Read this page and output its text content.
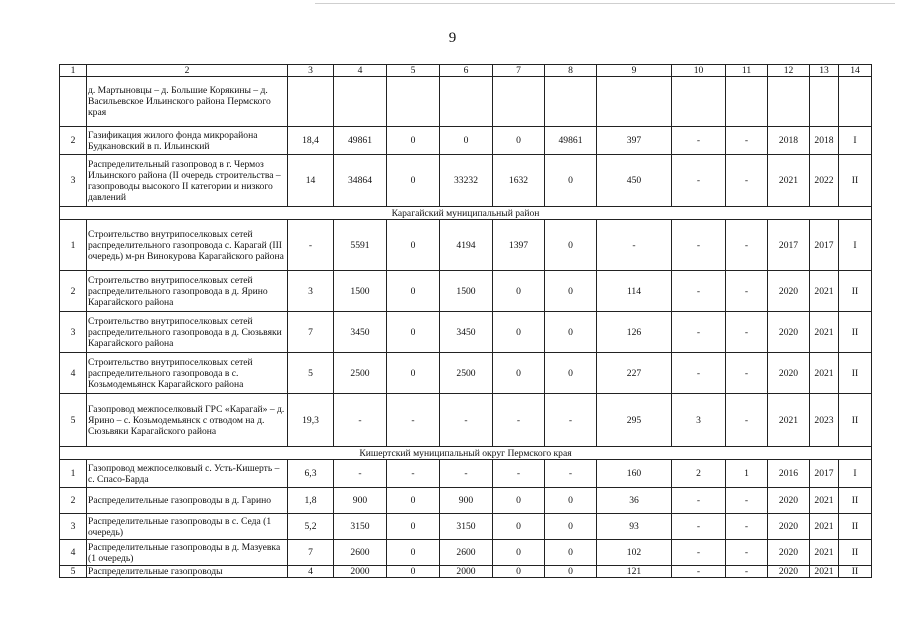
9
1	2	3	4	5	6	7	8	9	10	11	12	13	14
	д. Мартыновцы – д. Большие Корякины – д. Васильевское Ильинского района Пермского края												
2	Газификация жилого фонда микрорайона Будкановский в п. Ильинский	18,4	49861	0	0	0	49861	397	-	-	2018	2018	I
3	Распределительный газопровод в г. Чермоз Ильинского района (II очередь строительства – газопроводы высокого II категории и низкого давлений	14	34864	0	33232	1632	0	450	-	-	2021	2022	II
Карагайский муниципальный район													
1	Строительство внутрипоселковых сетей распределительного газопровода с. Карагай (III очередь) м-рн Винокурова Карагайского района	-	5591	0	4194	1397	0	-	-	-	2017	2017	I
2	Строительство внутрипоселковых сетей распределительного газопровода в д. Ярино Карагайского района	3	1500	0	1500	0	0	114	-	-	2020	2021	II
3	Строительство внутрипоселковых сетей распределительного газопровода в д. Сюзьвяки Карагайского района	7	3450	0	3450	0	0	126	-	-	2020	2021	II
4	Строительство внутрипоселковых сетей распределительного газопровода в с. Козьмодемьянск Карагайского района	5	2500	0	2500	0	0	227	-	-	2020	2021	II
5	Газопровод межпоселковый ГРС «Карагай» – д. Ярино – с. Козьмодемьянск с отводом на д. Сюзьвяки Карагайского района	19,3	-	-	-	-	-	295	3	-	2021	2023	II
Кишертский муниципальный округ Пермского края													
1	Газопровод межпоселковый с. Усть-Кишерть – с. Спасо-Барда	6,3	-	-	-	-	-	160	2	1	2016	2017	I
2	Распределительные газопроводы в д. Гарино	1,8	900	0	900	0	0	36	-	-	2020	2021	II
3	Распределительные газопроводы в с. Седа (1 очередь)	5,2	3150	0	3150	0	0	93	-	-	2020	2021	II
4	Распределительные газопроводы в д. Мазуевка (1 очередь)	7	2600	0	2600	0	0	102	-	-	2020	2021	II
5	Распределительные газопроводы	4	2000	0	2000	0	0	121	-	-	2020	2021	II
